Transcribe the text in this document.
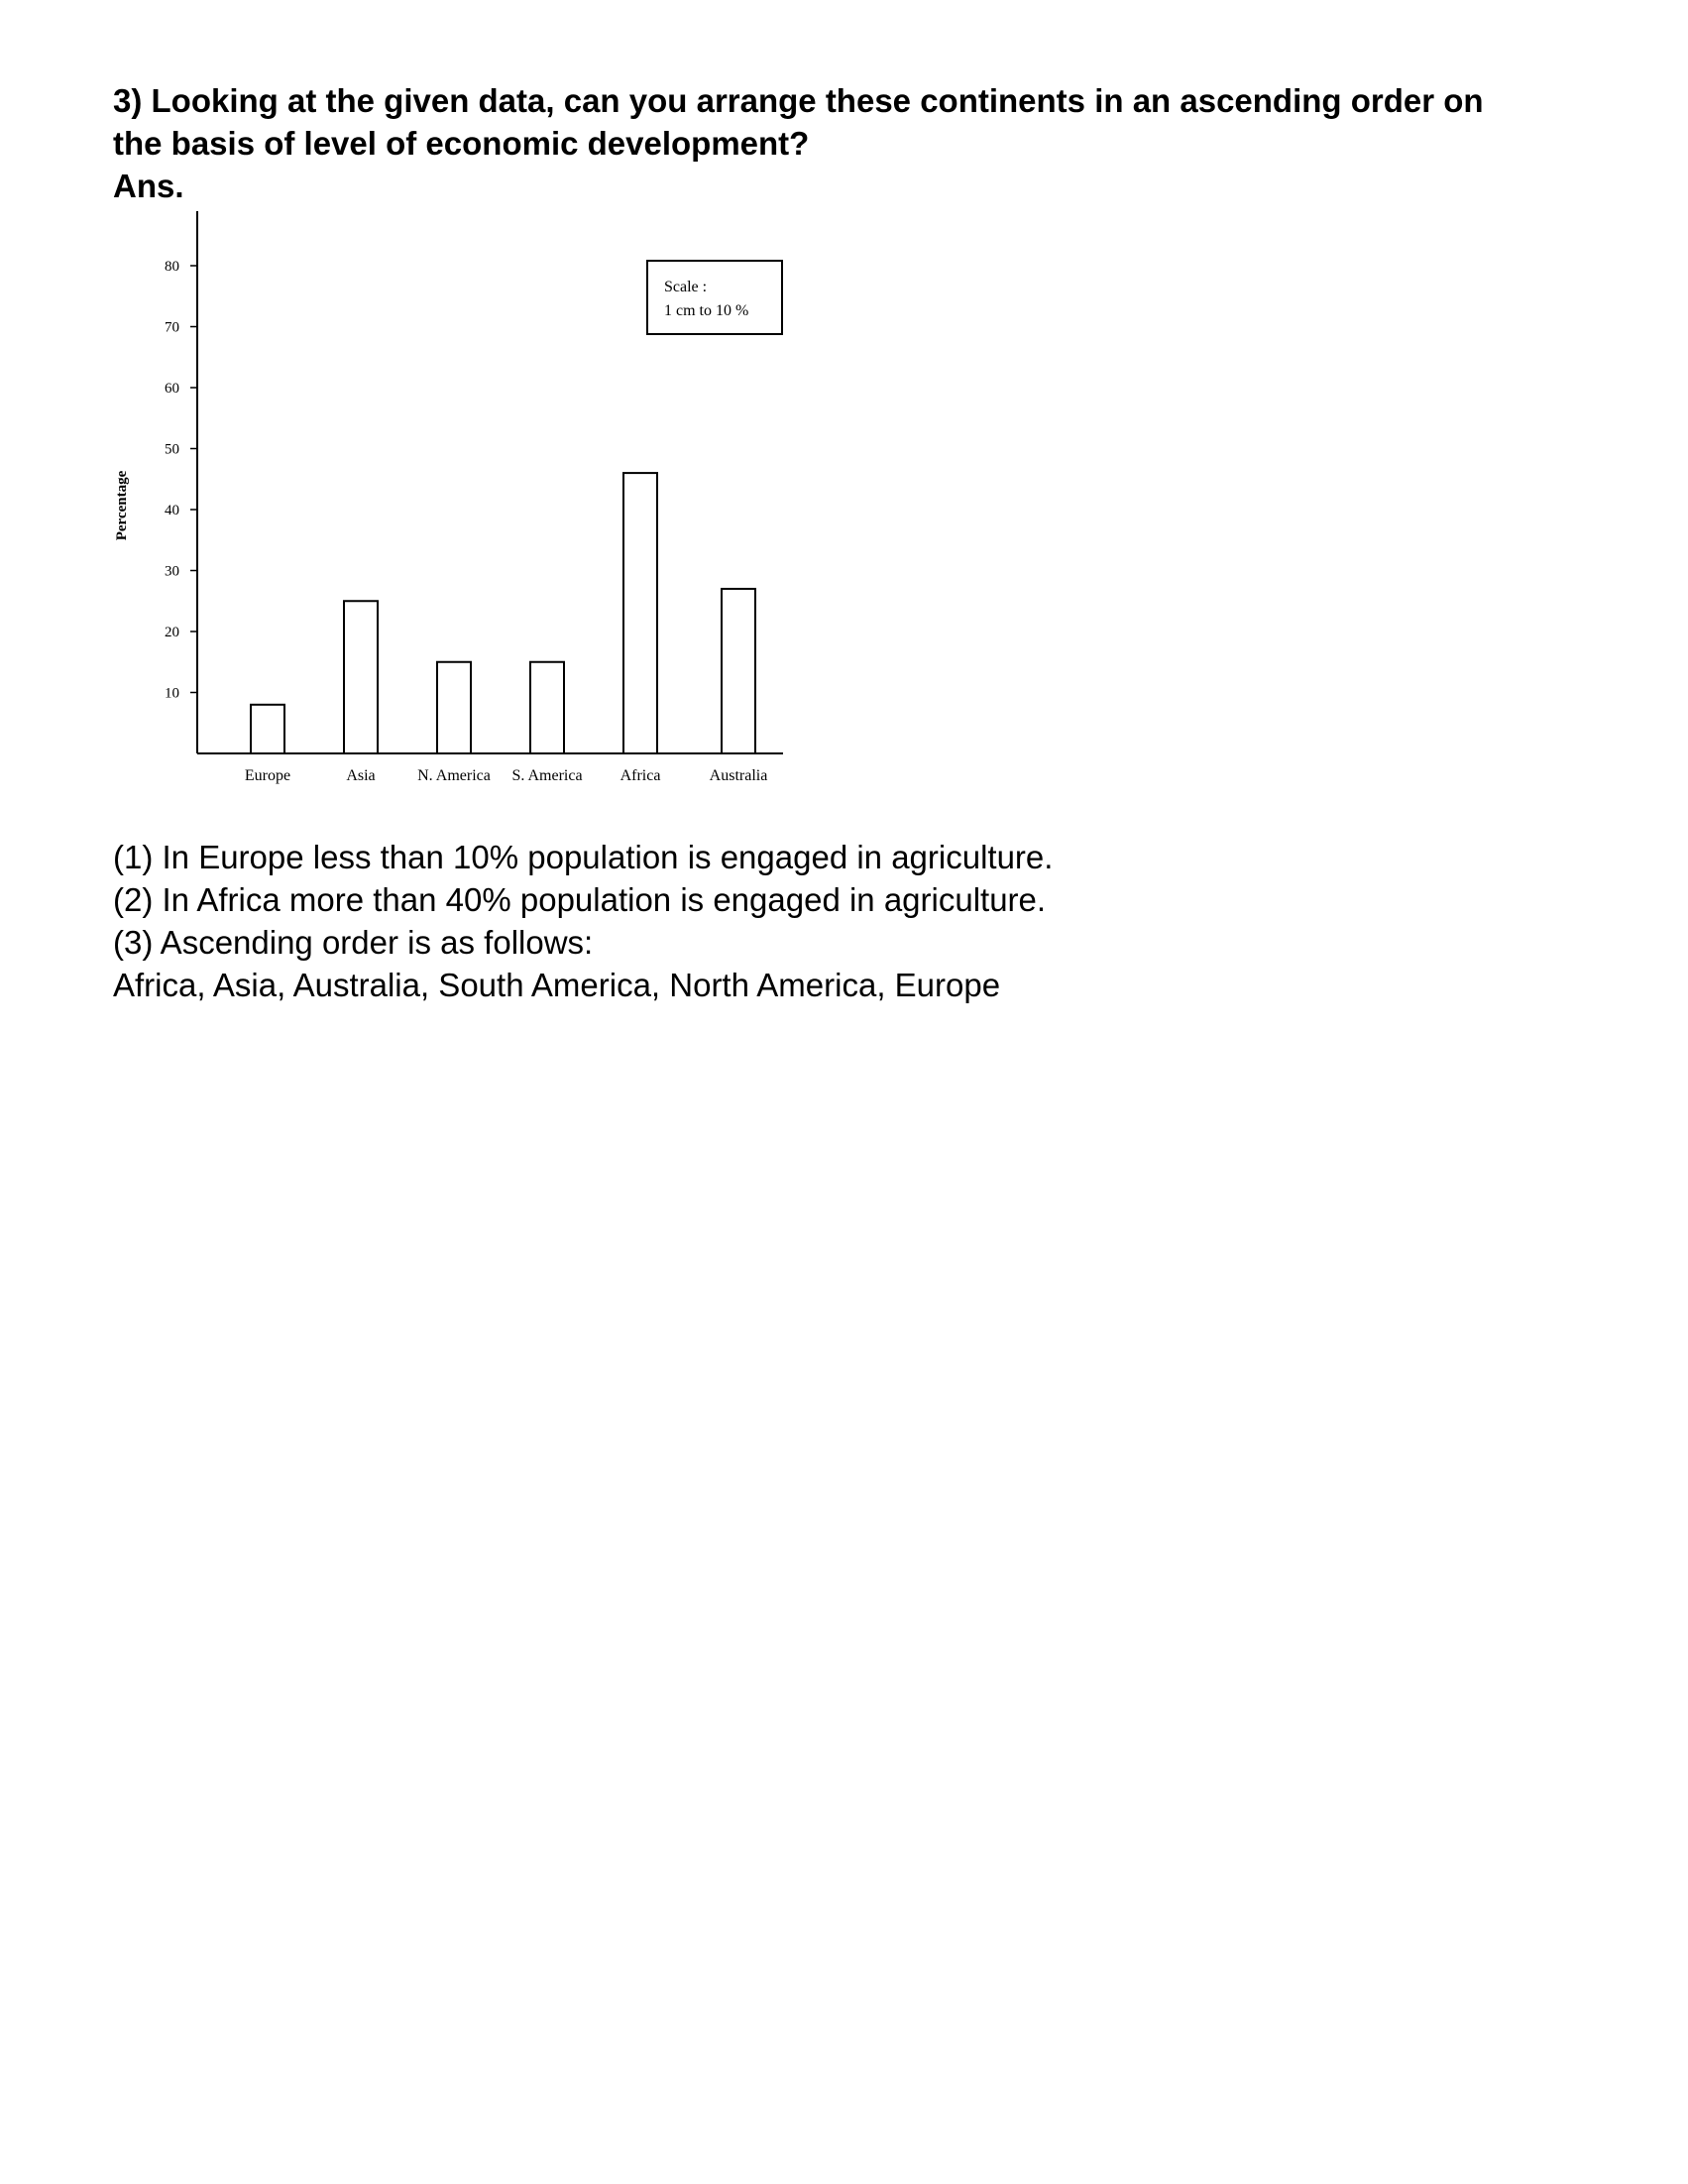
3) Looking at the given data, can you arrange these continents in an ascending order on
the basis of level of economic development?
Ans.
Percentage
Scale :
1 cm to 10 %
10
20
30
40
50
60
70
80
Europe	Asia	N. America S. America Africa	Australia
(1) In Europe less than 10% population is engaged in agriculture.
(2) In Africa more than 40% population is engaged in agriculture.
(3) Ascending order is as follows:
Africa, Asia, Australia, South America, North America, Europe
